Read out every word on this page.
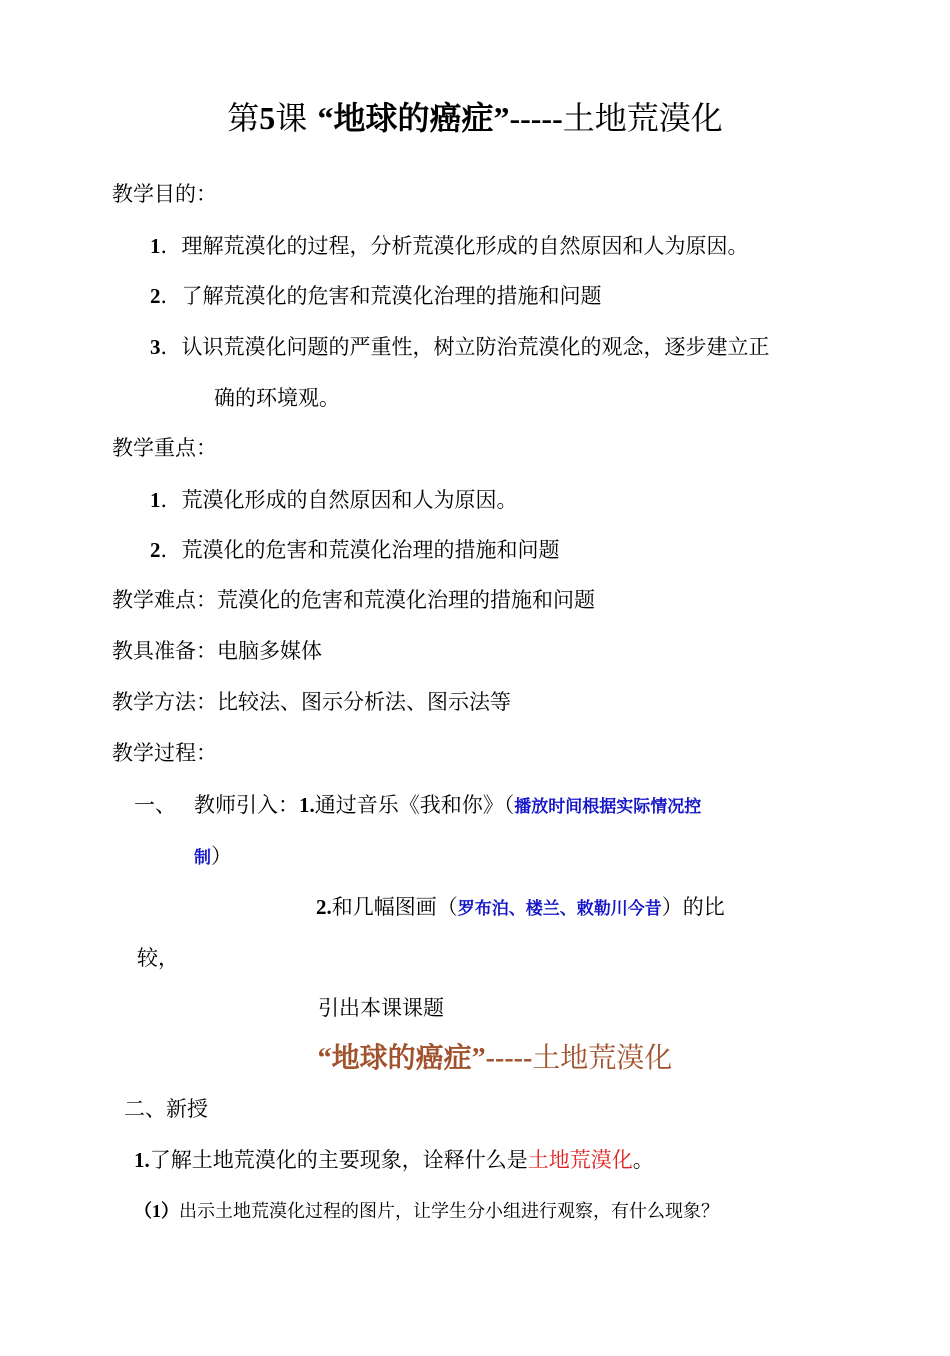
第5课 “地球的癌症”-----土地荒漠化
教学目的：
1．理解荒漠化的过程，分析荒漠化形成的自然原因和人为原因。
2．了解荒漠化的危害和荒漠化治理的措施和问题
3．认识荒漠化问题的严重性，树立防治荒漠化的观念，逐步建立正
确的环境观。
教学重点：
1．荒漠化形成的自然原因和人为原因。
2．荒漠化的危害和荒漠化治理的措施和问题
教学难点：荒漠化的危害和荒漠化治理的措施和问题
教具准备：电脑多媒体
教学方法：比较法、图示分析法、图示法等
教学过程：
一、 教师引入：1.通过音乐《我和你》（播放时间根据实际情况控
制）
2.和几幅图画（罗布泊、楼兰、敕勒川今昔）的比
较，
引出本课课题
“地球的癌症”-----土地荒漠化
二、新授
1.了解土地荒漠化的主要现象，诠释什么是土地荒漠化。
（1）出示土地荒漠化过程的图片，让学生分小组进行观察，有什么现象？
